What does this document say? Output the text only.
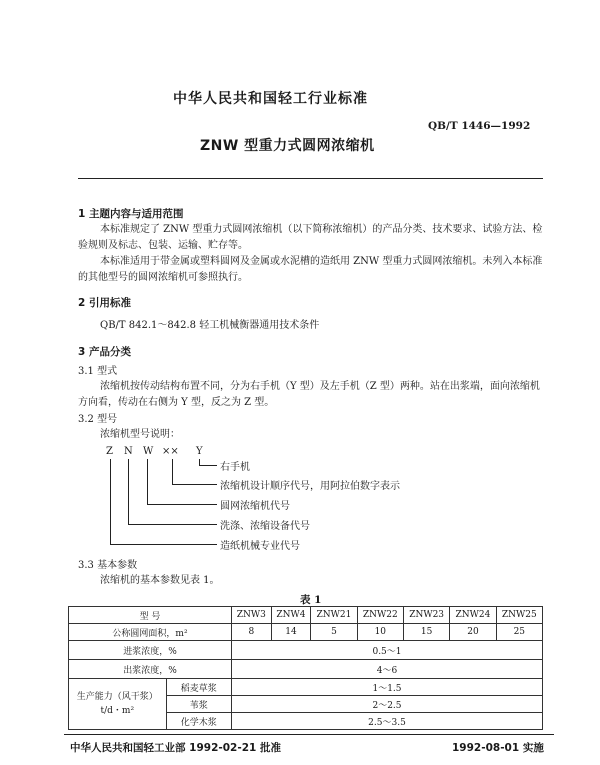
中华人民共和国轻工行业标准
QB/T 1446—1992
ZNW 型重力式圆网浓缩机
1 主题内容与适用范围
本标准规定了 ZNW 型重力式圆网浓缩机（以下简称浓缩机）的产品分类、技术要求、试验方法、检验规则及标志、包装、运输、贮存等。
本标准适用于带金属或塑料圆网及金属或水泥槽的造纸用 ZNW 型重力式圆网浓缩机。未列入本标准的其他型号的圆网浓缩机可参照执行。
2 引用标准
QB/T 842.1～842.8 轻工机械衡器通用技术条件
3 产品分类
3.1 型式
浓缩机按传动结构布置不同，分为右手机（Y 型）及左手机（Z 型）两种。站在出浆端，面向浓缩机方向看，传动在右侧为 Y 型，反之为 Z 型。
3.2 型号
浓缩机型号说明：
Z N W ×× Y
右手机
浓缩机设计顺序代号，用阿拉伯数字表示
圆网浓缩机代号
洗涤、浓缩设备代号
造纸机械专业代号
3.3 基本参数
浓缩机的基本参数见表 1。
表 1
型 号		ZNW3	ZNW4	ZNW21	ZNW22	ZNW23	ZNW24	ZNW25
公称圆网面积，m²		8	14	5	10	15	20	25
进浆浓度，%		0.5～1						
出浆浓度，%		4～6						

生产能力（风干浆）
t/d・m²	稻麦草浆	1～1.5						
	苇浆	2～2.5						
	化学木浆	2.5～3.5						
中华人民共和国轻工业部 1992-02-21 批准	1992-08-01 实施
